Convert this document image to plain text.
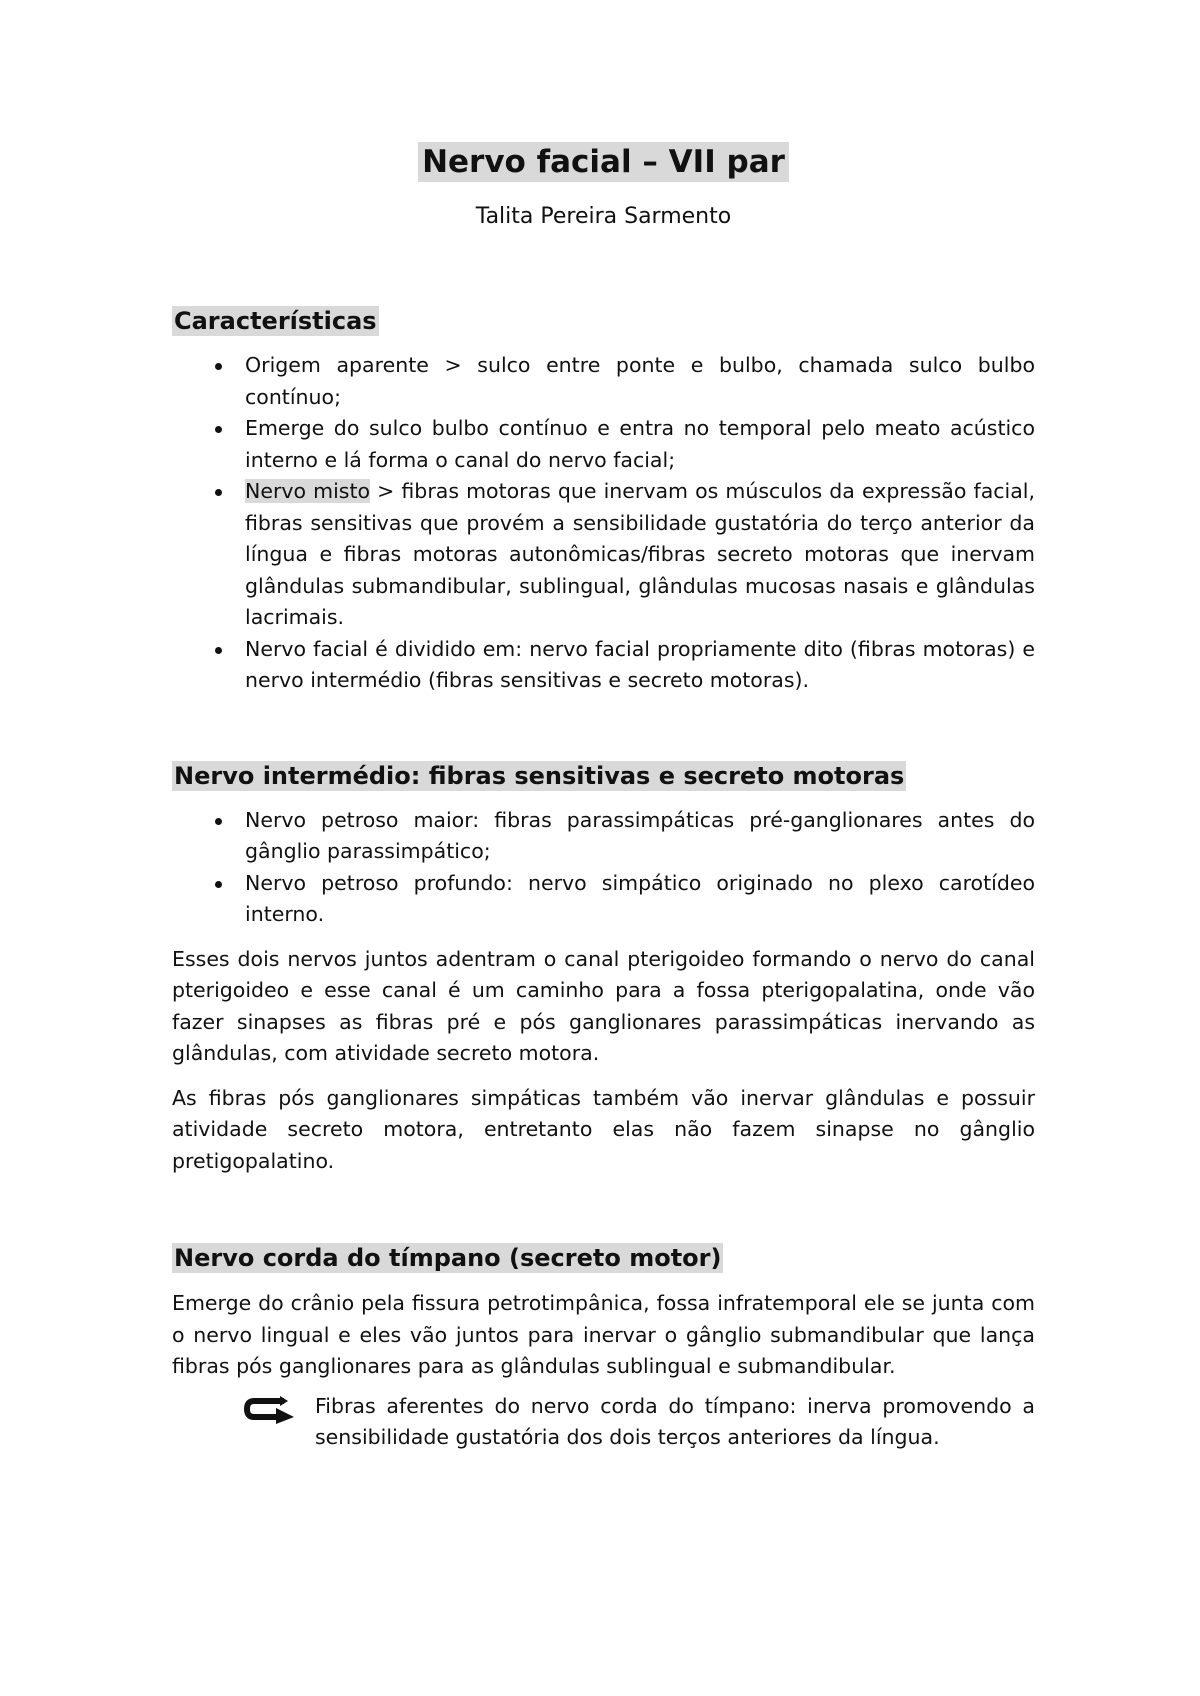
Nervo facial – VII par

Talita Pereira Sarmento

Características
Origem aparente > sulco entre ponte e bulbo, chamada sulco bulbo contínuo;
Emerge do sulco bulbo contínuo e entra no temporal pelo meato acústico interno e lá forma o canal do nervo facial;
Nervo misto > fibras motoras que inervam os músculos da expressão facial, fibras sensitivas que provém a sensibilidade gustatória do terço anterior da língua e fibras motoras autonômicas/fibras secreto motoras que inervam glândulas submandibular, sublingual, glândulas mucosas nasais e glândulas lacrimais.
Nervo facial é dividido em: nervo facial propriamente dito (fibras motoras) e nervo intermédio (fibras sensitivas e secreto motoras).
Nervo intermédio: fibras sensitivas e secreto motoras
Nervo petroso maior: fibras parassimpáticas pré-ganglionares antes do gânglio parassimpático;
Nervo petroso profundo: nervo simpático originado no plexo carotídeo interno.

Esses dois nervos juntos adentram o canal pterigoideo formando o nervo do canal pterigoideo e esse canal é um caminho para a fossa pterigopalatina, onde vão fazer sinapses as fibras pré e pós ganglionares parassimpáticas inervando as glândulas, com atividade secreto motora.

As fibras pós ganglionares simpáticas também vão inervar glândulas e possuir atividade secreto motora, entretanto elas não fazem sinapse no gânglio pretigopalatino.

Nervo corda do tímpano (secreto motor)

Emerge do crânio pela fissura petrotimpânica, fossa infratemporal ele se junta com o nervo lingual e eles vão juntos para inervar o gânglio submandibular que lança fibras pós ganglionares para as glândulas sublingual e submandibular.

Fibras aferentes do nervo corda do tímpano: inerva promovendo a sensibilidade gustatória dos dois terços anteriores da língua.
